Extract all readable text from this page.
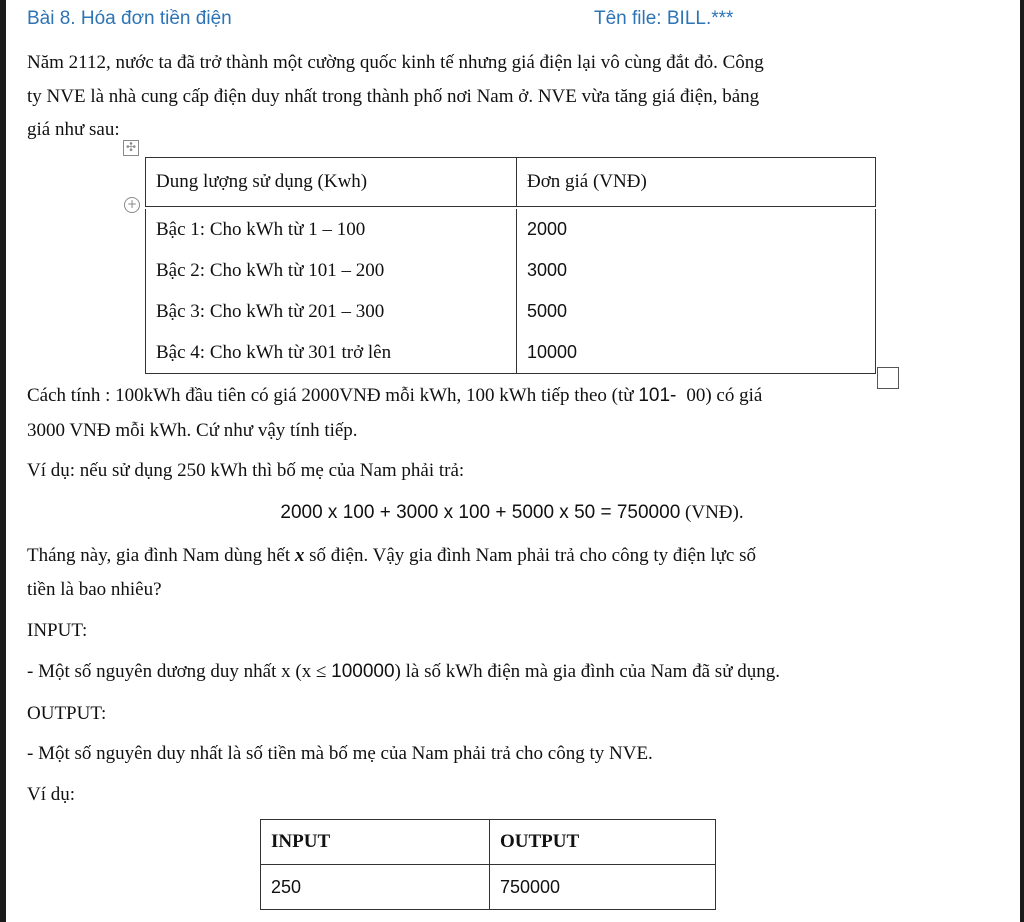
Bài 8. Hóa đơn tiền điện	Tên file: BILL.***
Năm 2112, nước ta đã trở thành một cường quốc kinh tế nhưng giá điện lại vô cùng đắt đỏ. Công
ty NVE là nhà cung cấp điện duy nhất trong thành phố nơi Nam ở. NVE vừa tăng giá điện, bảng
giá như sau:
✣
+
Dung lượng sử dụng (Kwh)	Đơn giá (VNĐ)

Bậc 1: Cho kWh từ 1 – 100	2000
Bậc 2: Cho kWh từ 101 – 200	3000
Bậc 3: Cho kWh từ 201 – 300	5000
Bậc 4: Cho kWh từ 301 trở lên	10000
Cách tính : 100kWh đầu tiên có giá 2000VNĐ mỗi kWh, 100 kWh tiếp theo (từ 101- 00) có giá
3000 VNĐ mỗi kWh. Cứ như vậy tính tiếp.
Ví dụ: nếu sử dụng 250 kWh thì bố mẹ của Nam phải trả:
2000 x 100 + 3000 x 100 + 5000 x 50 = 750000 (VNĐ).
Tháng này, gia đình Nam dùng hết x số điện. Vậy gia đình Nam phải trả cho công ty điện lực số
tiền là bao nhiêu?
INPUT:
- Một số nguyên dương duy nhất x (x ≤ 100000) là số kWh điện mà gia đình của Nam đã sử dụng.
OUTPUT:
- Một số nguyên duy nhất là số tiền mà bố mẹ của Nam phải trả cho công ty NVE.
Ví dụ:
INPUT	OUTPUT
250	750000
